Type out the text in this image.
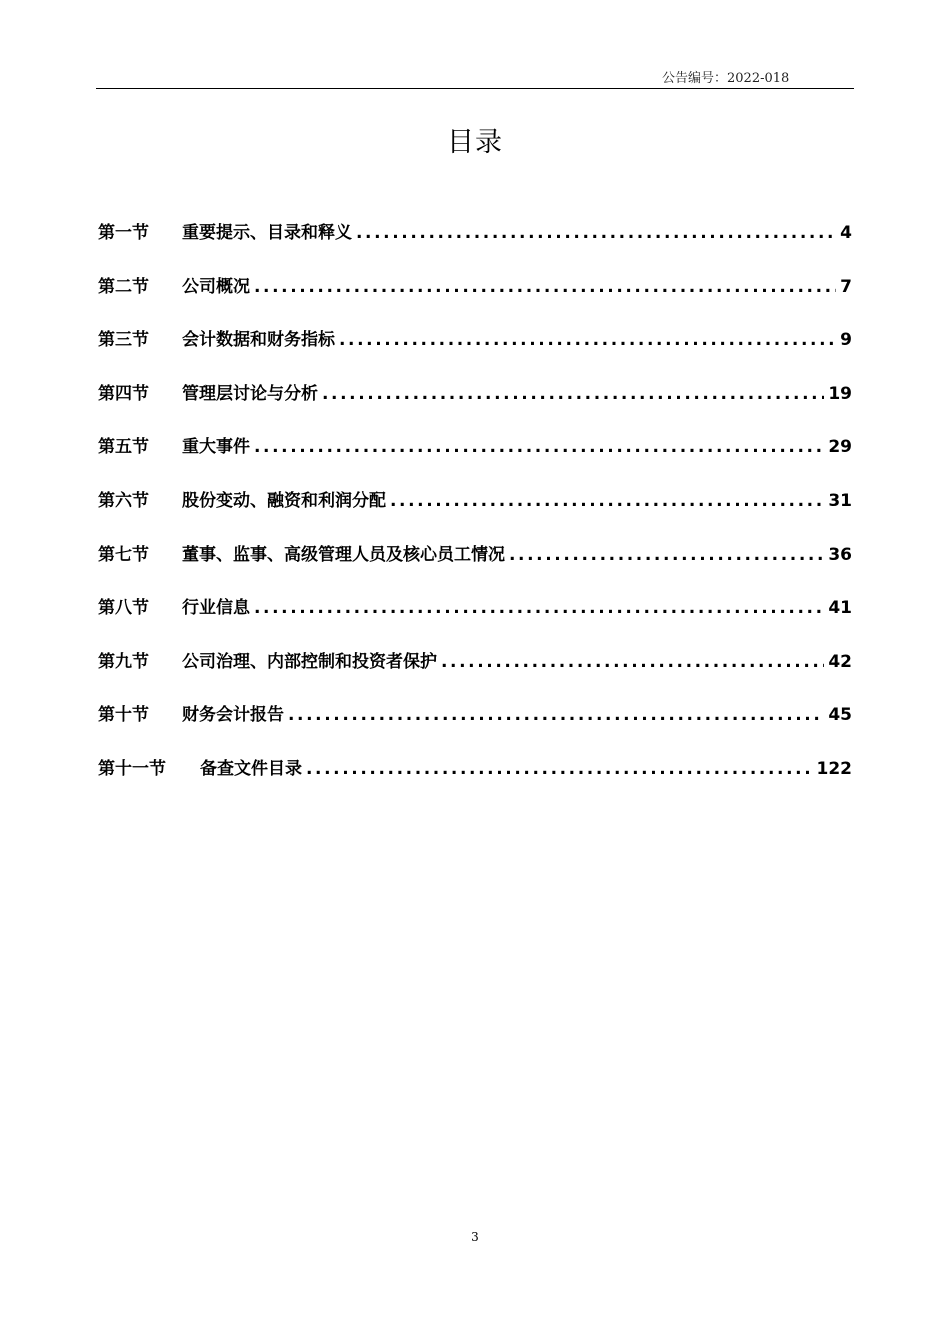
公告编号：2022-018
目录
第一节	重要提示、目录和释义 .....	4
第二节	公司概况 .....	7
第三节	会计数据和财务指标 .....	9
第四节	管理层讨论与分析 .....	19
第五节	重大事件 .....	29
第六节	股份变动、融资和利润分配 .....	31
第七节	董事、监事、高级管理人员及核心员工情况 .....	36
第八节	行业信息 .....	41
第九节	公司治理、内部控制和投资者保护 .....	42
第十节	财务会计报告 .....	45
第十一节	备查文件目录 .....	122
3
